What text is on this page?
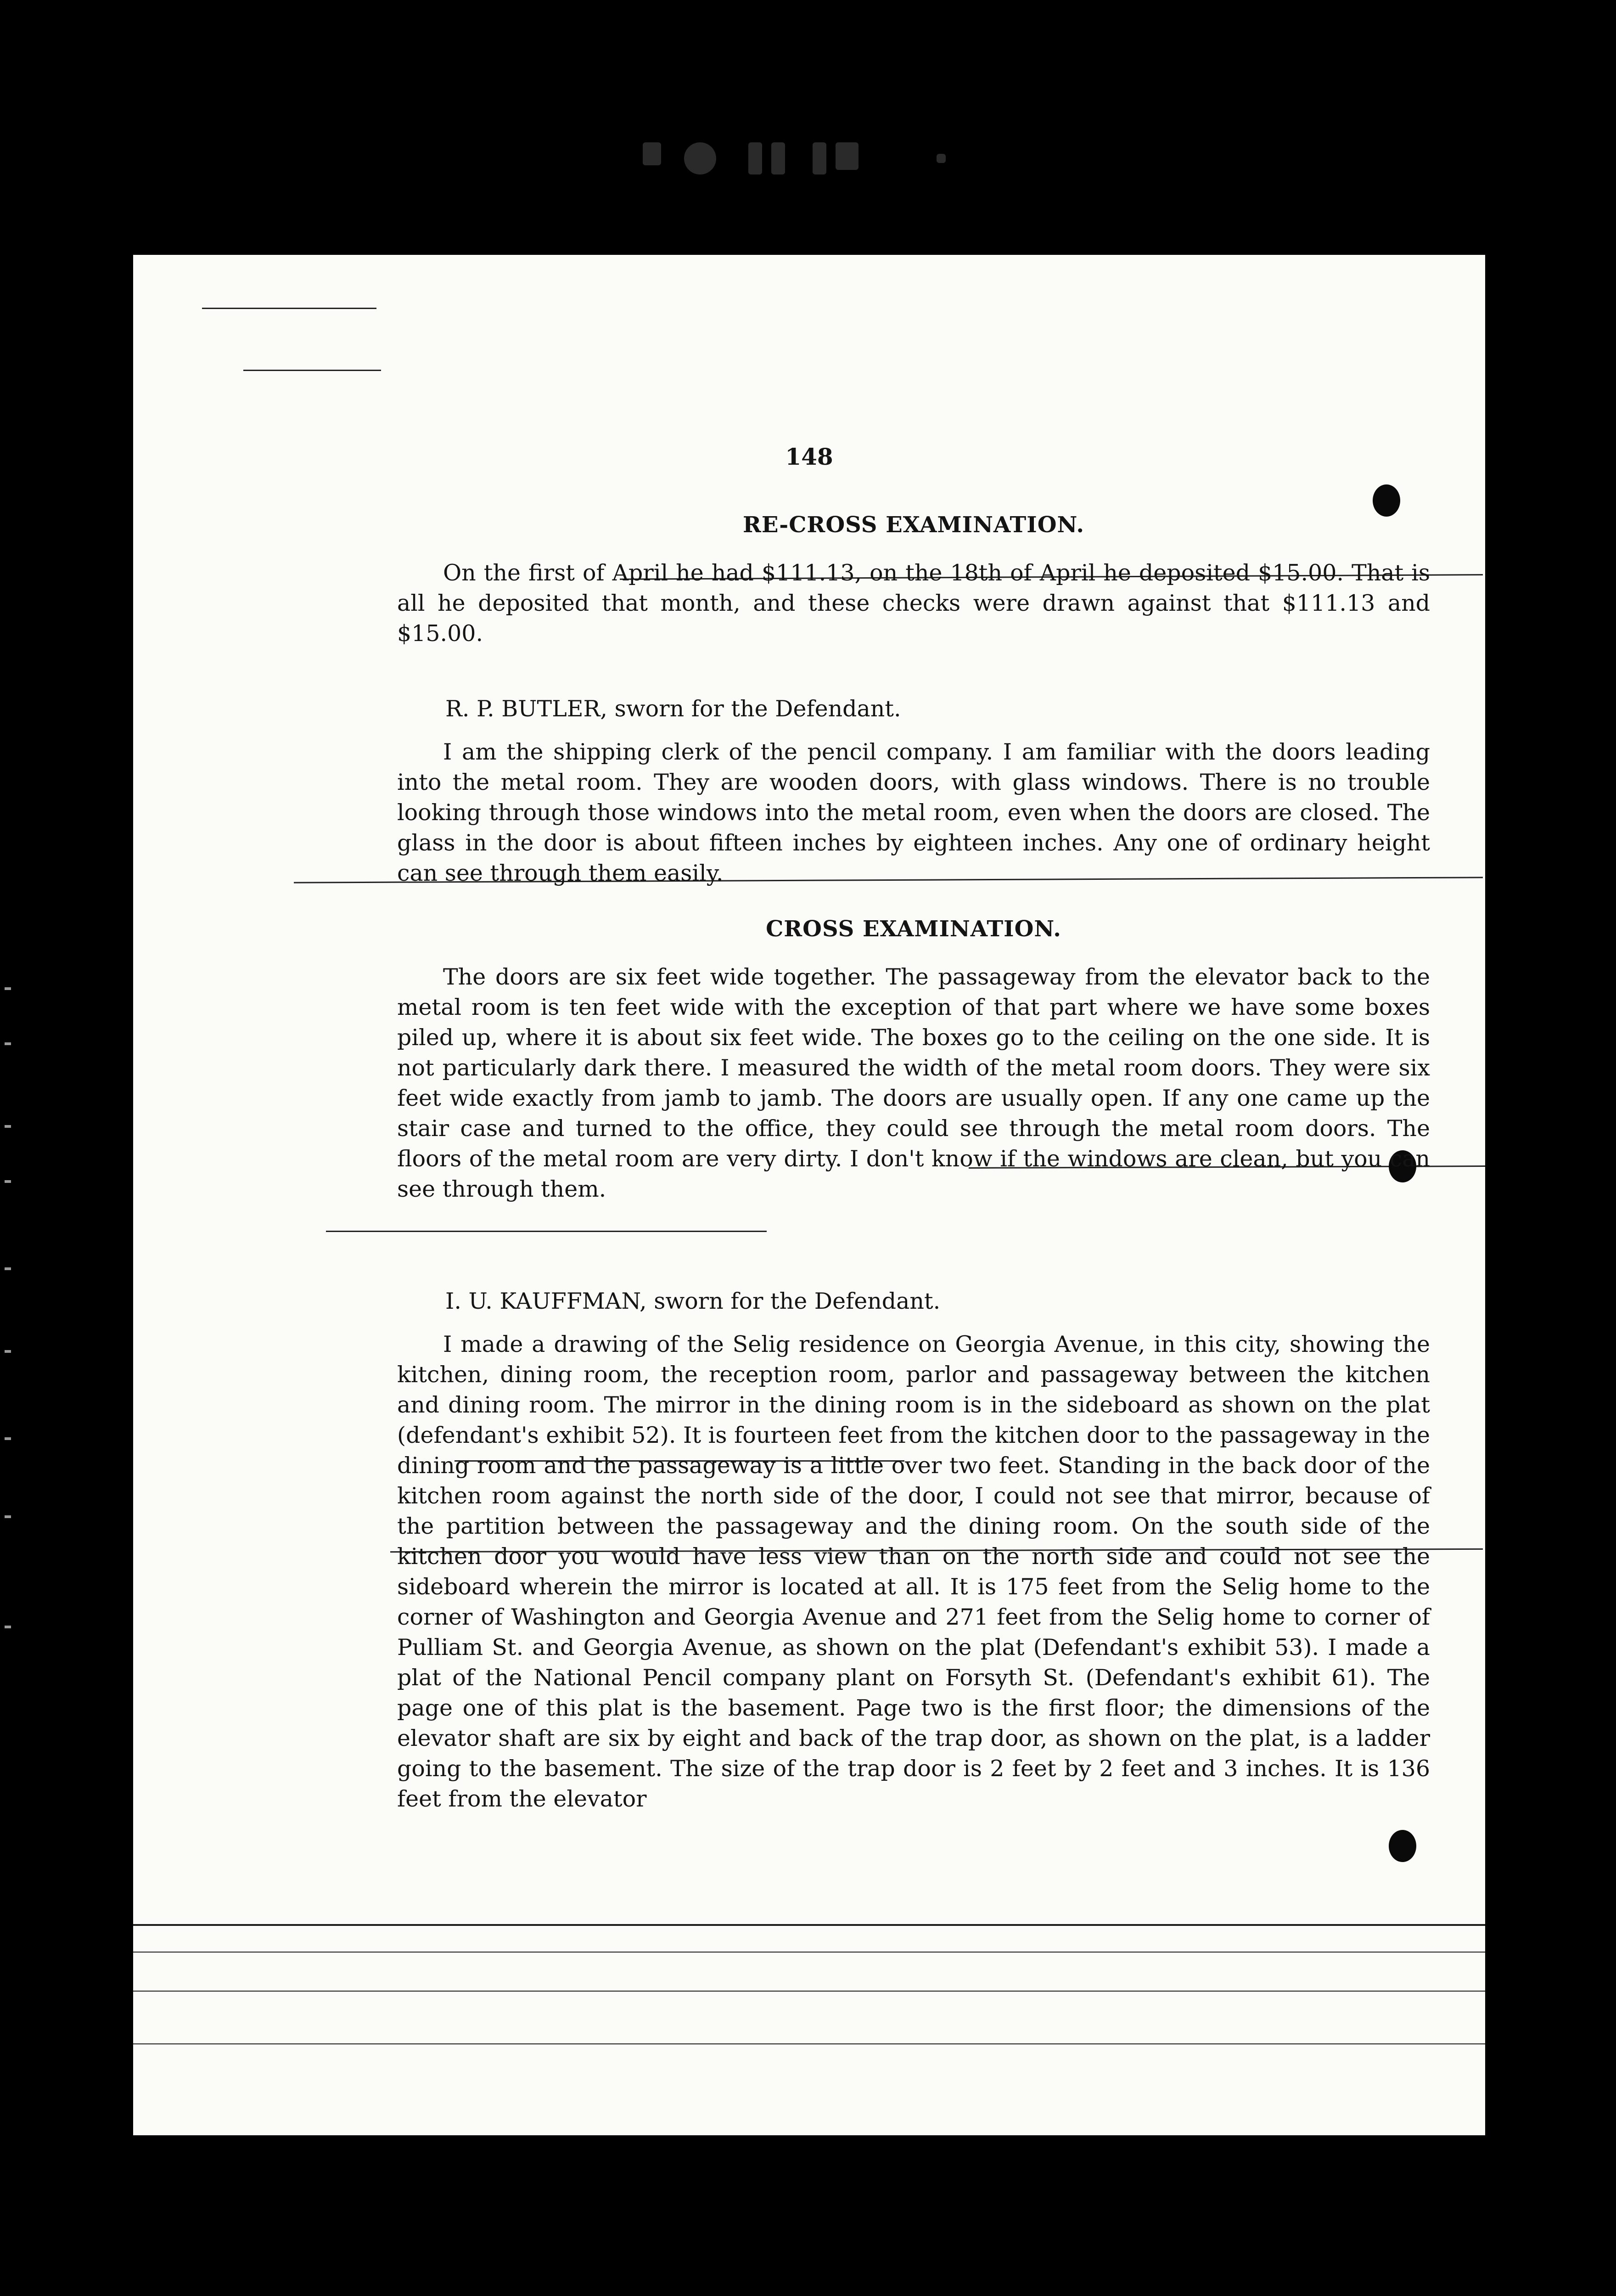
148
RE-CROSS EXAMINATION.

On the first of April he had $111.13, on the 18th of April he deposited $15.00. That is all he deposited that month, and these checks were drawn against that $111.13 and $15.00.

R. P. BUTLER, sworn for the Defendant.

I am the shipping clerk of the pencil company. I am familiar with the doors leading into the metal room. They are wooden doors, with glass windows. There is no trouble looking through those windows into the metal room, even when the doors are closed. The glass in the door is about fifteen inches by eighteen inches. Any one of ordinary height can see through them easily.

CROSS EXAMINATION.

The doors are six feet wide together. The passageway from the elevator back to the metal room is ten feet wide with the exception of that part where we have some boxes piled up, where it is about six feet wide. The boxes go to the ceiling on the one side. It is not particularly dark there. I measured the width of the metal room doors. They were six feet wide exactly from jamb to jamb. The doors are usually open. If any one came up the stair case and turned to the office, they could see through the metal room doors. The floors of the metal room are very dirty. I don't know if the windows are clean, but you can see through them.

I. U. KAUFFMAN, sworn for the Defendant.

I made a drawing of the Selig residence on Georgia Avenue, in this city, showing the kitchen, dining room, the reception room, parlor and passageway between the kitchen and dining room. The mirror in the dining room is in the sideboard as shown on the plat (defendant's exhibit 52). It is fourteen feet from the kitchen door to the passageway in the dining room and the passageway is a little over two feet. Standing in the back door of the kitchen room against the north side of the door, I could not see that mirror, because of the partition between the passageway and the dining room. On the south side of the kitchen door you would have less view than on the north side and could not see the sideboard wherein the mirror is located at all. It is 175 feet from the Selig home to the corner of Washington and Georgia Avenue and 271 feet from the Selig home to corner of Pulliam St. and Georgia Avenue, as shown on the plat (Defendant's exhibit 53). I made a plat of the National Pencil company plant on Forsyth St. (Defendant's exhibit 61). The page one of this plat is the basement. Page two is the first floor; the dimensions of the elevator shaft are six by eight and back of the trap door, as shown on the plat, is a ladder going to the basement. The size of the trap door is 2 feet by 2 feet and 3 inches. It is 136 feet from the elevator
